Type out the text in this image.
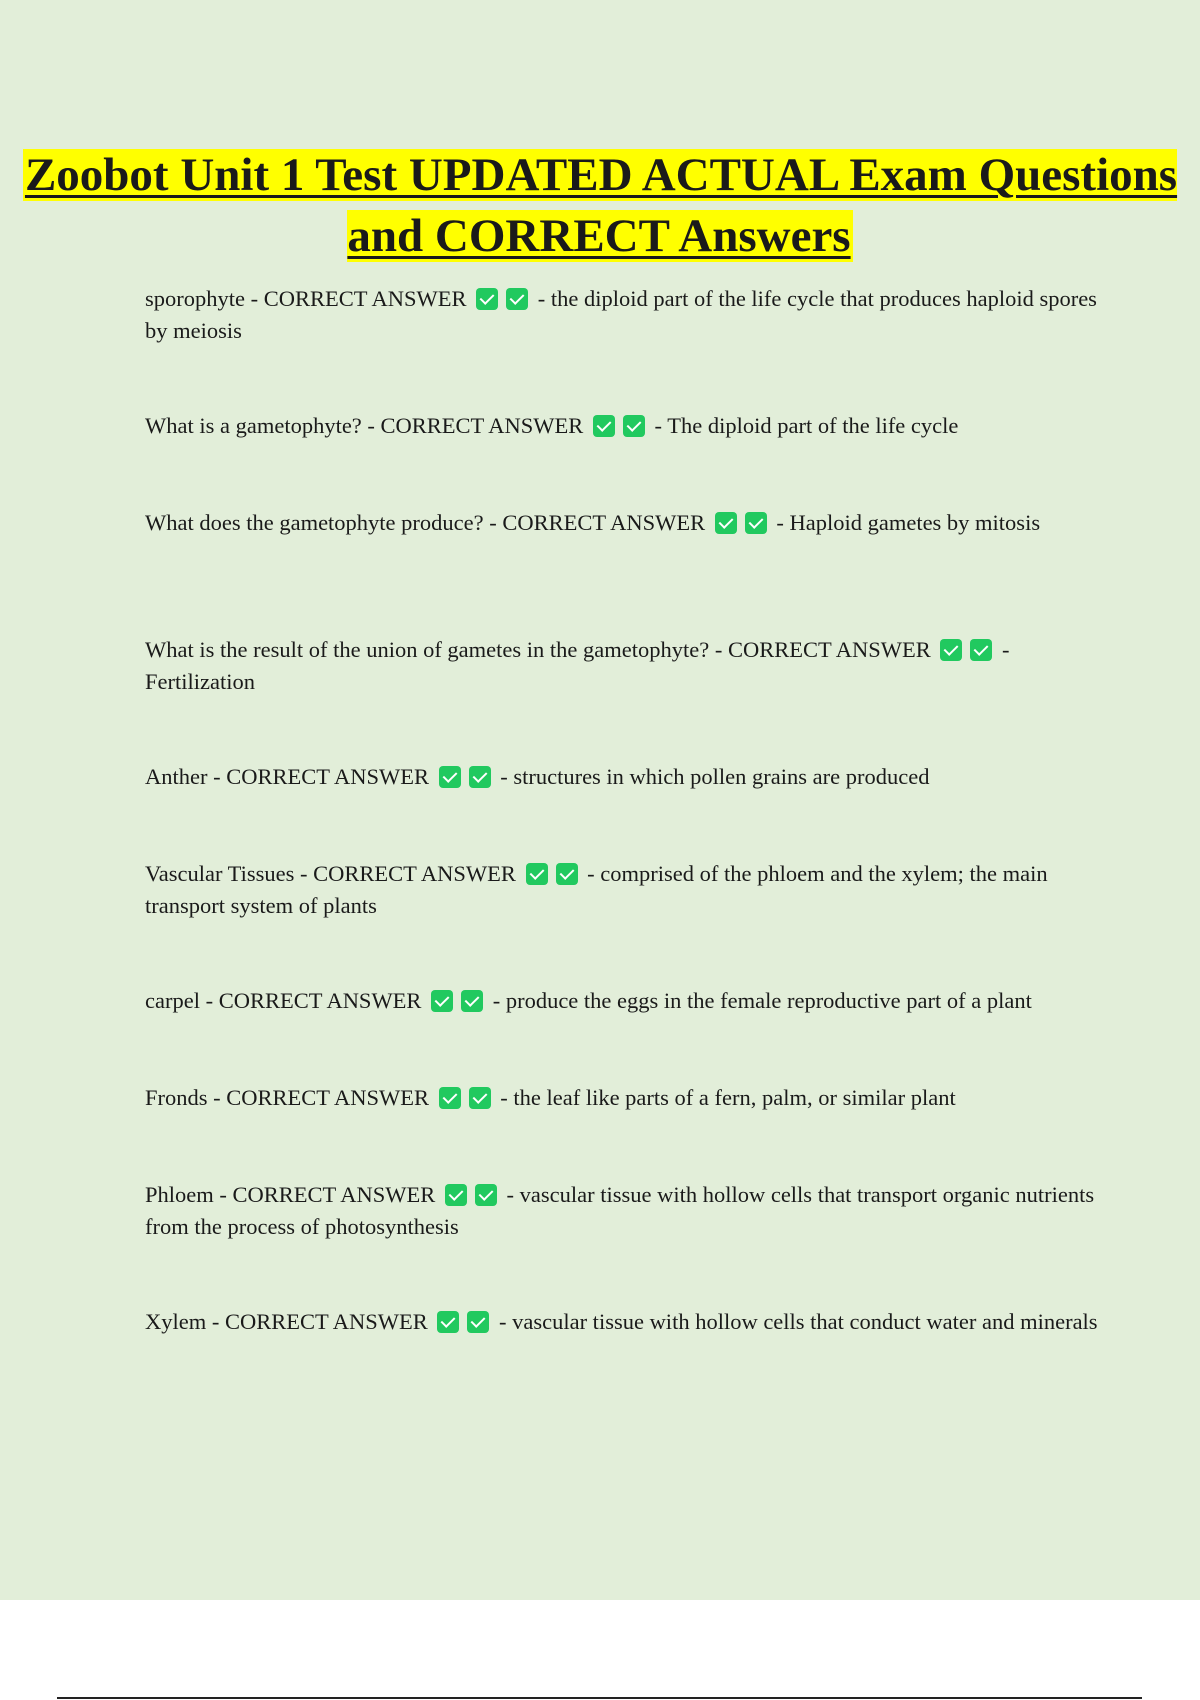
Zoobot Unit 1 Test UPDATED ACTUAL Exam Questions and CORRECT Answers

sporophyte - CORRECT ANSWER	- the diploid part of the life cycle that produces haploid spores by meiosis

What is a gametophyte? - CORRECT ANSWER	- The diploid part of the life cycle

What does the gametophyte produce? - CORRECT ANSWER	- Haploid gametes by mitosis

What is the result of the union of gametes in the gametophyte? - CORRECT ANSWER	- Fertilization

Anther - CORRECT ANSWER	- structures in which pollen grains are produced

Vascular Tissues - CORRECT ANSWER	- comprised of the phloem and the xylem; the main transport system of plants

carpel - CORRECT ANSWER	- produce the eggs in the female reproductive part of a plant

Fronds - CORRECT ANSWER	- the leaf like parts of a fern, palm, or similar plant

Phloem - CORRECT ANSWER	- vascular tissue with hollow cells that transport organic nutrients from the process of photosynthesis

Xylem - CORRECT ANSWER	- vascular tissue with hollow cells that conduct water and minerals
